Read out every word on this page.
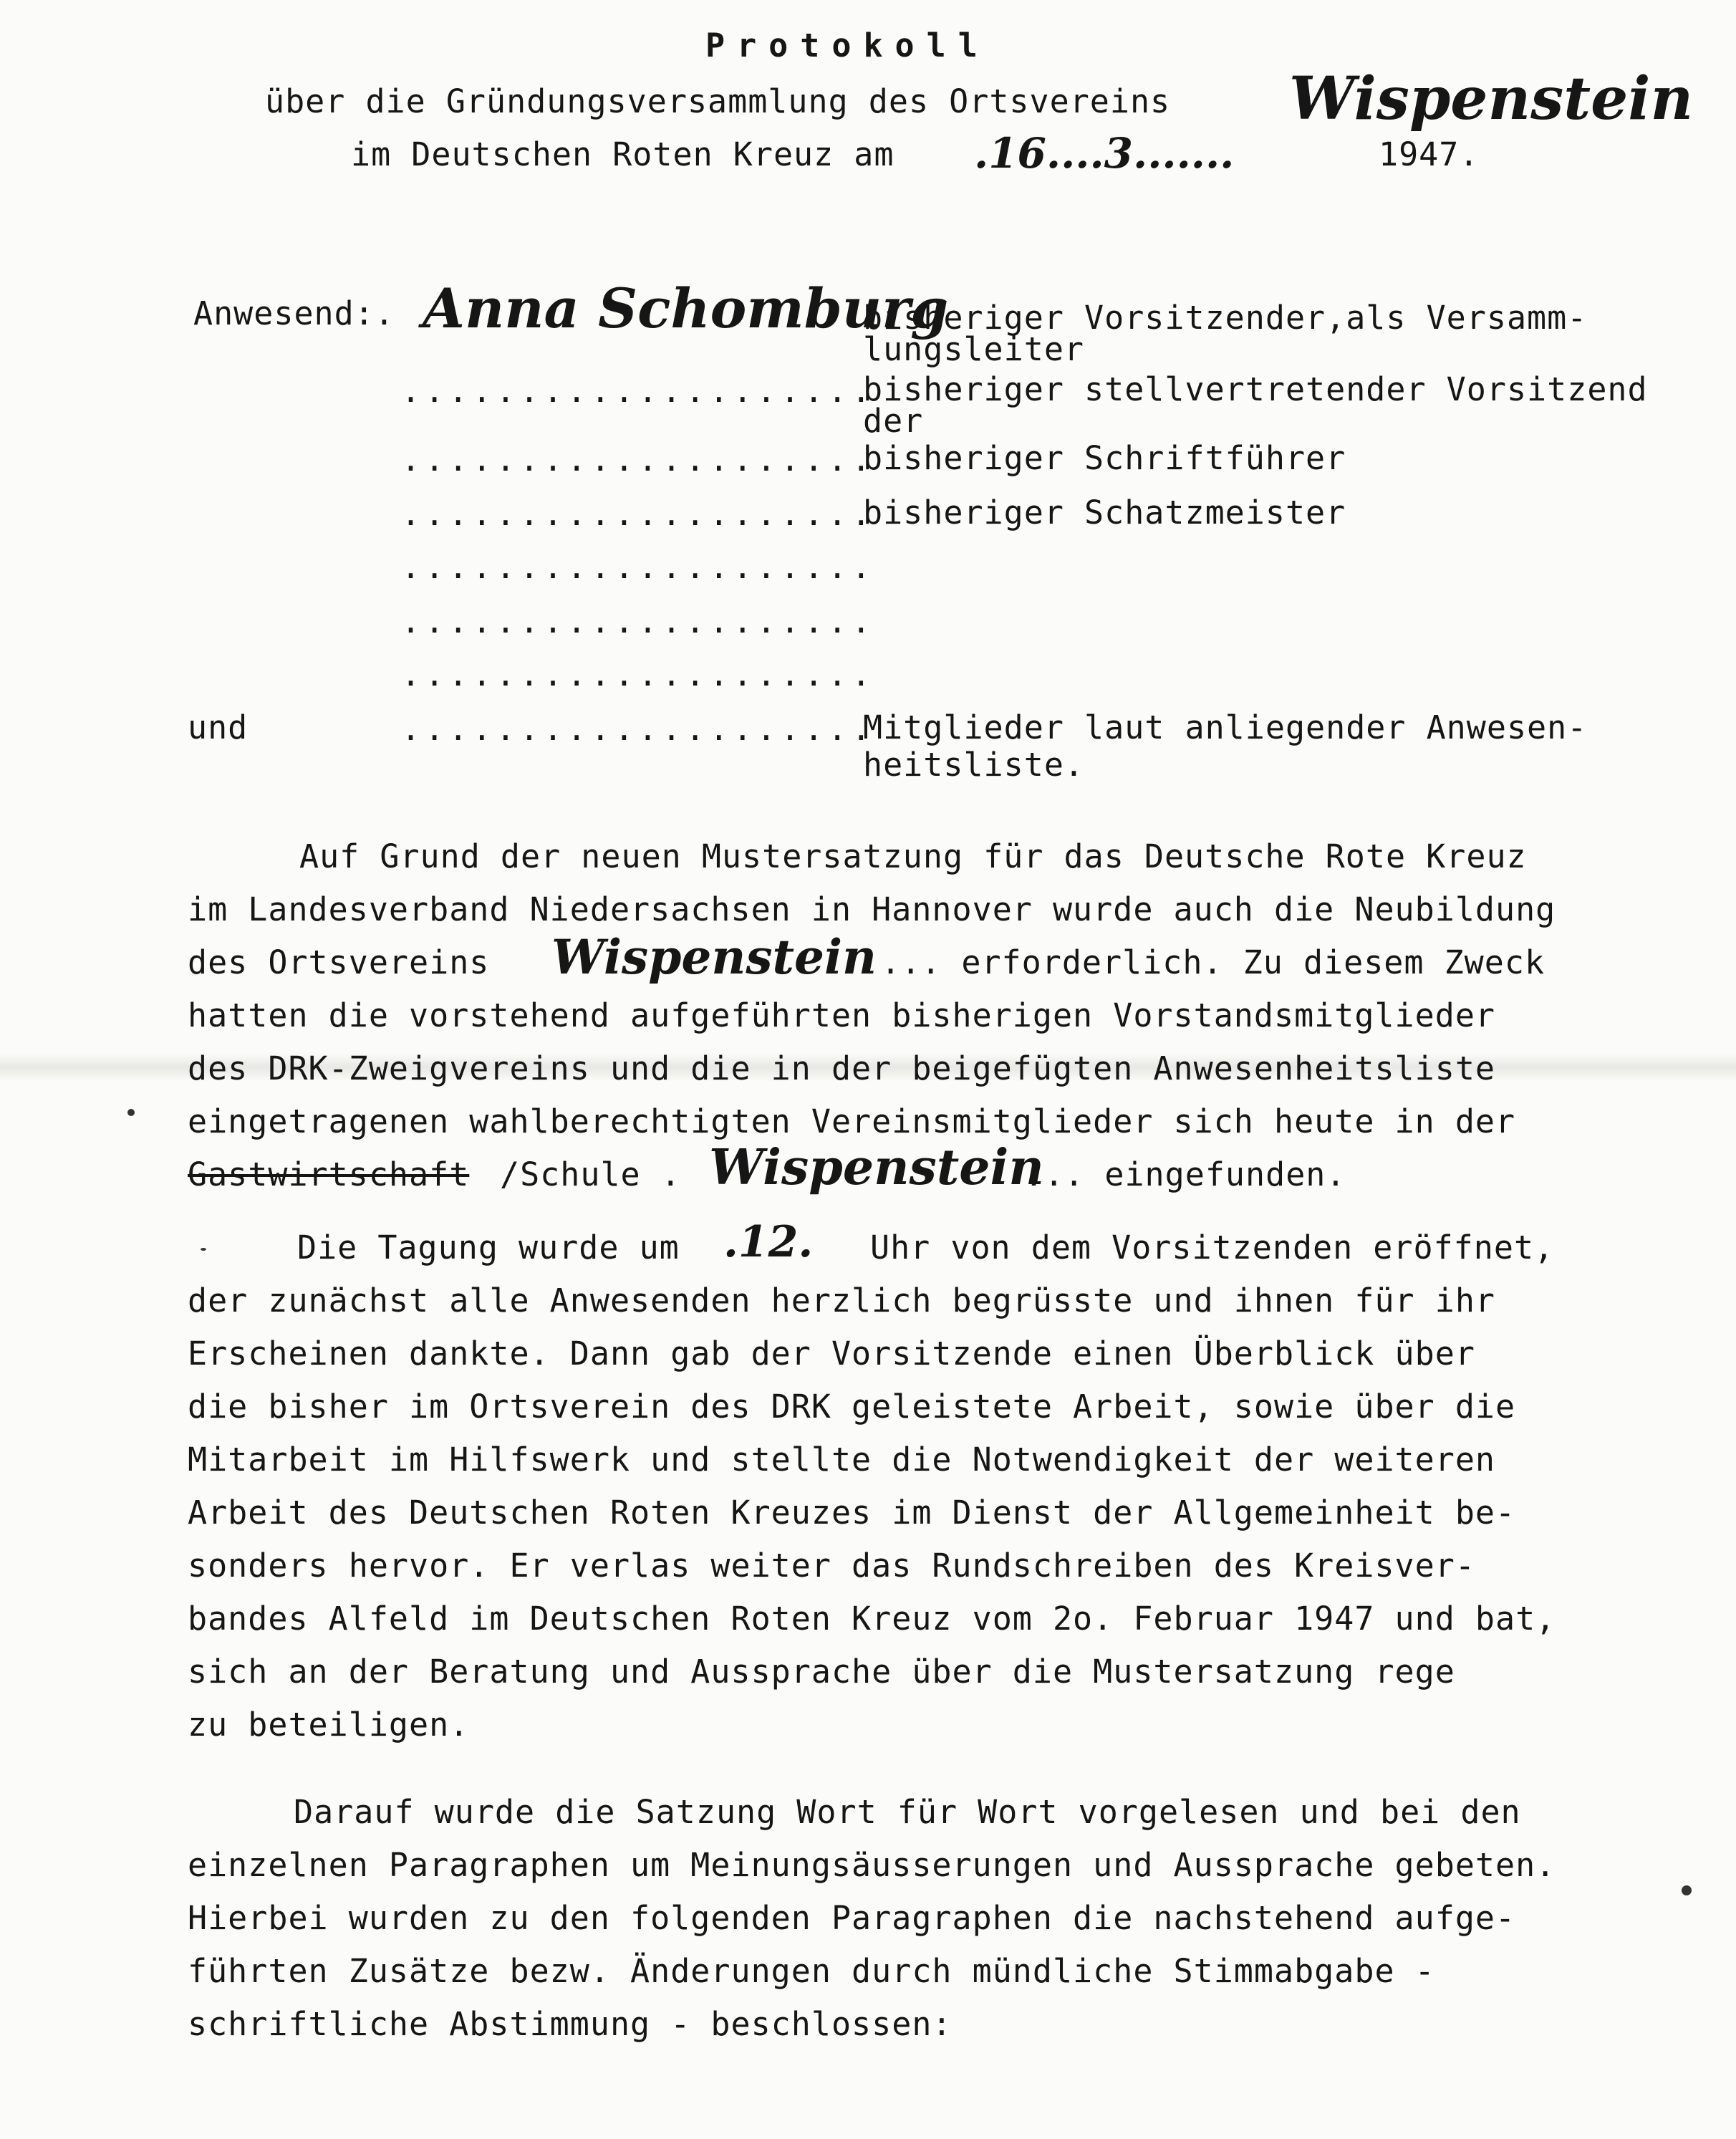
Protokoll
über die Gründungsversammlung des Ortsvereins Wispenstein
im Deutschen Roten Kreuz am .16....3.......	1947.
Anwesend:. Anna Schomburg
bisheriger Vorsitzender,als Versamm-
lungsleiter
....................
bisheriger stellvertretender Vorsitzend
der
....................
bisheriger Schriftführer
....................
bisheriger Schatzmeister
....................
....................
....................
und	....................
Mitglieder laut anliegender Anwesen-
heitsliste.
Auf Grund der neuen Mustersatzung für das Deutsche Rote Kreuz
im Landesverband Niedersachsen in Hannover wurde auch die Neubildung
des Ortsvereins Wispenstein ... erforderlich. Zu diesem Zweck
hatten die vorstehend aufgeführten bisherigen Vorstandsmitglieder
des DRK-Zweigvereins und die in der beigefügten Anwesenheitsliste
eingetragenen wahlberechtigten Vereinsmitglieder sich heute in der
Gastwirtschaft /Schule . Wispenstein
... eingefunden.
Die Tagung wurde um .12. Uhr von dem Vorsitzenden eröffnet,
der zunächst alle Anwesenden herzlich begrüsste und ihnen für ihr
Erscheinen dankte. Dann gab der Vorsitzende einen Überblick über
die bisher im Ortsverein des DRK geleistete Arbeit, sowie über die
Mitarbeit im Hilfswerk und stellte die Notwendigkeit der weiteren
Arbeit des Deutschen Roten Kreuzes im Dienst der Allgemeinheit be-
sonders hervor. Er verlas weiter das Rundschreiben des Kreisver-
bandes Alfeld im Deutschen Roten Kreuz vom 2o. Februar 1947 und bat,
sich an der Beratung und Aussprache über die Mustersatzung rege
zu beteiligen.
Darauf wurde die Satzung Wort für Wort vorgelesen und bei den
einzelnen Paragraphen um Meinungsäusserungen und Aussprache gebeten.
Hierbei wurden zu den folgenden Paragraphen die nachstehend aufge-
führten Zusätze bezw. Änderungen durch mündliche Stimmabgabe -
schriftliche Abstimmung - beschlossen:
